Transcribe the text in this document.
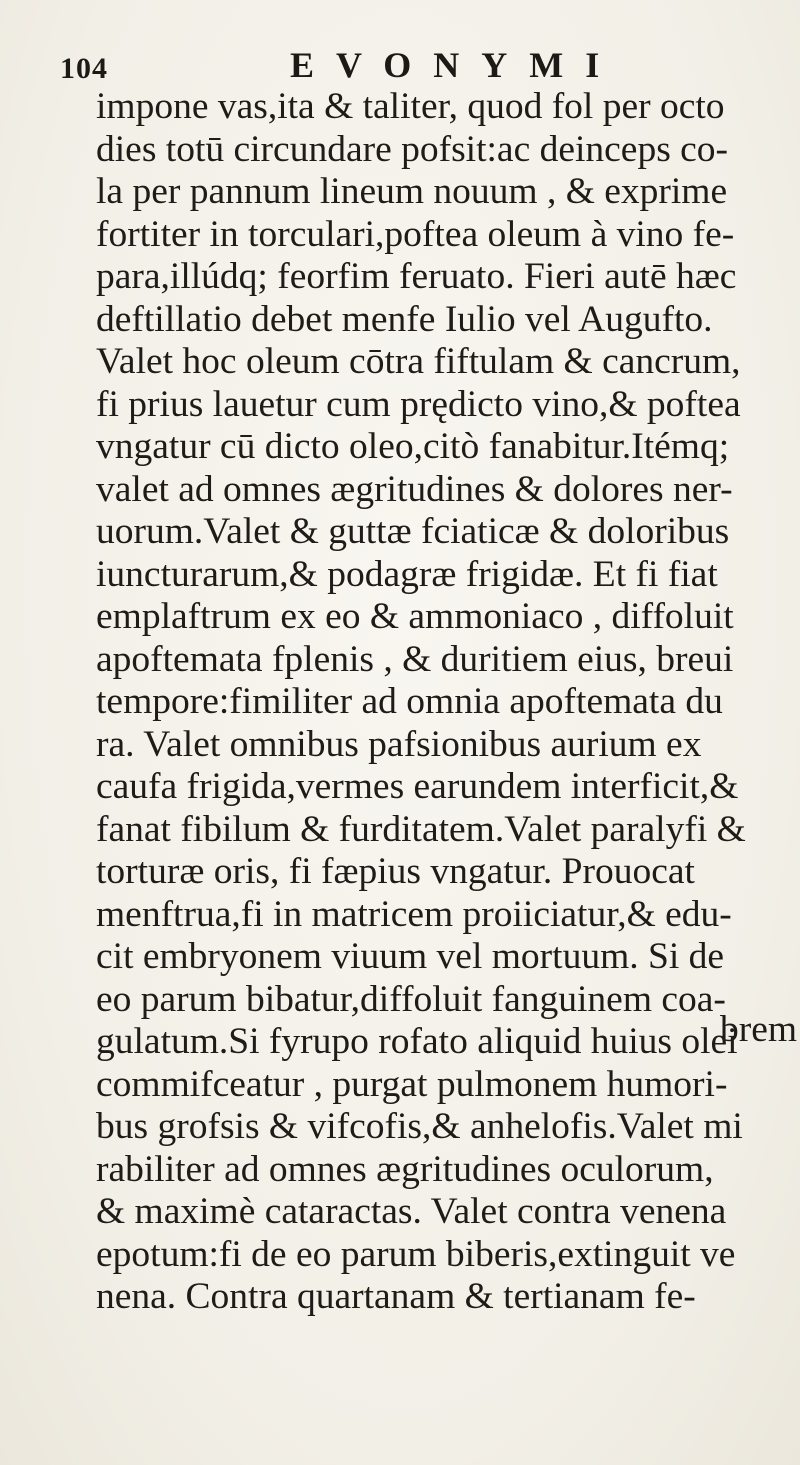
104	EVONYMI
impone vas,ita & taliter, quod fol per octo
dies totū circundare pofsit:ac deinceps co-
la per pannum lineum nouum , & exprime
fortiter in torculari,poftea oleum à vino fe-
para,illúdq; feorfim feruato. Fieri autē hæc
deftillatio debet menfe Iulio vel Augufto.
Valet hoc oleum cōtra fiftulam & cancrum,
fi prius lauetur cum prędicto vino,& poftea
vngatur cū dicto oleo,citò fanabitur.Itémq;
valet ad omnes ægritudines & dolores ner-
uorum.Valet & guttæ fciaticæ & doloribus
iuncturarum,& podagræ frigidæ. Et fi fiat
emplaftrum ex eo & ammoniaco , diffoluit
apoftemata fplenis , & duritiem eius, breui
tempore:fimiliter ad omnia apoftemata du
ra. Valet omnibus pafsionibus aurium ex
caufa frigida,vermes earundem interficit,&
fanat fibilum & furditatem.Valet paralyfi &
torturæ oris, fi fæpius vngatur. Prouocat
menftrua,fi in matricem proiiciatur,& edu-
cit embryonem viuum vel mortuum. Si de
eo parum bibatur,diffoluit fanguinem coa-
gulatum.Si fyrupo rofato aliquid huius olei
commifceatur , purgat pulmonem humori-
bus grofsis & vifcofis,& anhelofis.Valet mi
rabiliter ad omnes ægritudines oculorum,
& maximè cataractas. Valet contra venena
epotum:fi de eo parum biberis,extinguit ve
nena. Contra quartanam & tertianam fe-
brem
